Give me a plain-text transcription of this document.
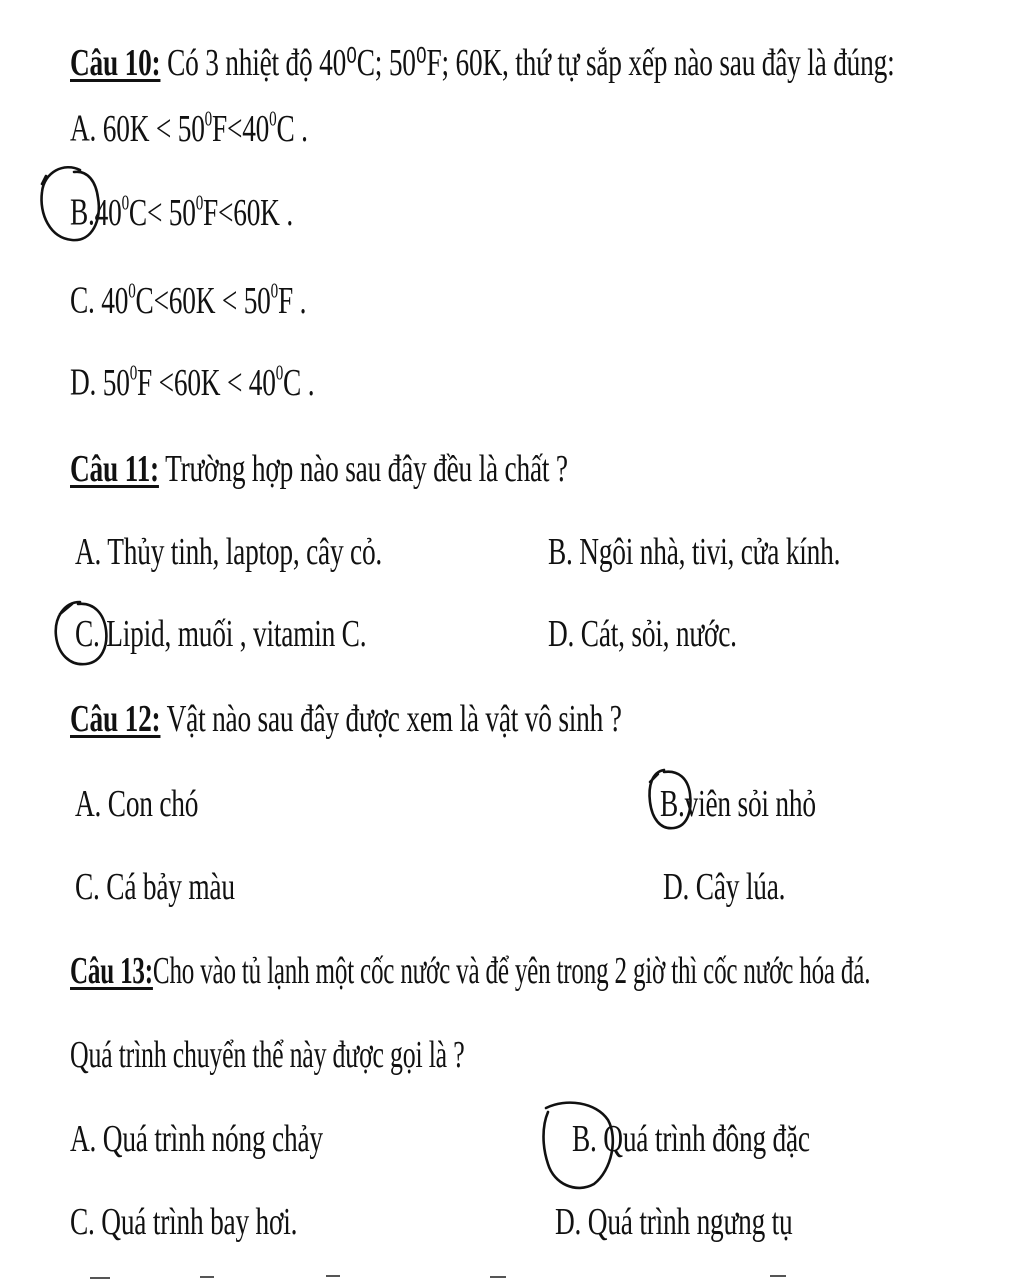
Câu 10: Có 3 nhiệt độ 40⁰C; 50⁰F; 60K, thứ tự sắp xếp nào sau đây là đúng:
A. $60K < 50^0F<40^0C$ .
$B.40^0C< 50^0F<60K$ .
C. $40^0C<60K < 50^0F$ .
D. $50^0F <60K < 40^0C$ .
Câu 11: Trường hợp nào sau đây đều là chất ?
A. Thủy tinh, laptop, cây cỏ.	B. Ngôi nhà, tivi, cửa kính.
C. Lipid, muối , vitamin C.	D. Cát, sỏi, nước.
Câu 12: Vật nào sau đây được xem là vật vô sinh ?
A. Con chó	B.viên sỏi nhỏ
C. Cá bảy màu	D. Cây lúa.
Câu 13:Cho vào tủ lạnh một cốc nước và để yên trong 2 giờ thì cốc nước hóa đá.
Quá trình chuyển thể này được gọi là ?
A. Quá trình nóng chảy	B. Quá trình đông đặc
C. Quá trình bay hơi.	D. Quá trình ngưng tụ
